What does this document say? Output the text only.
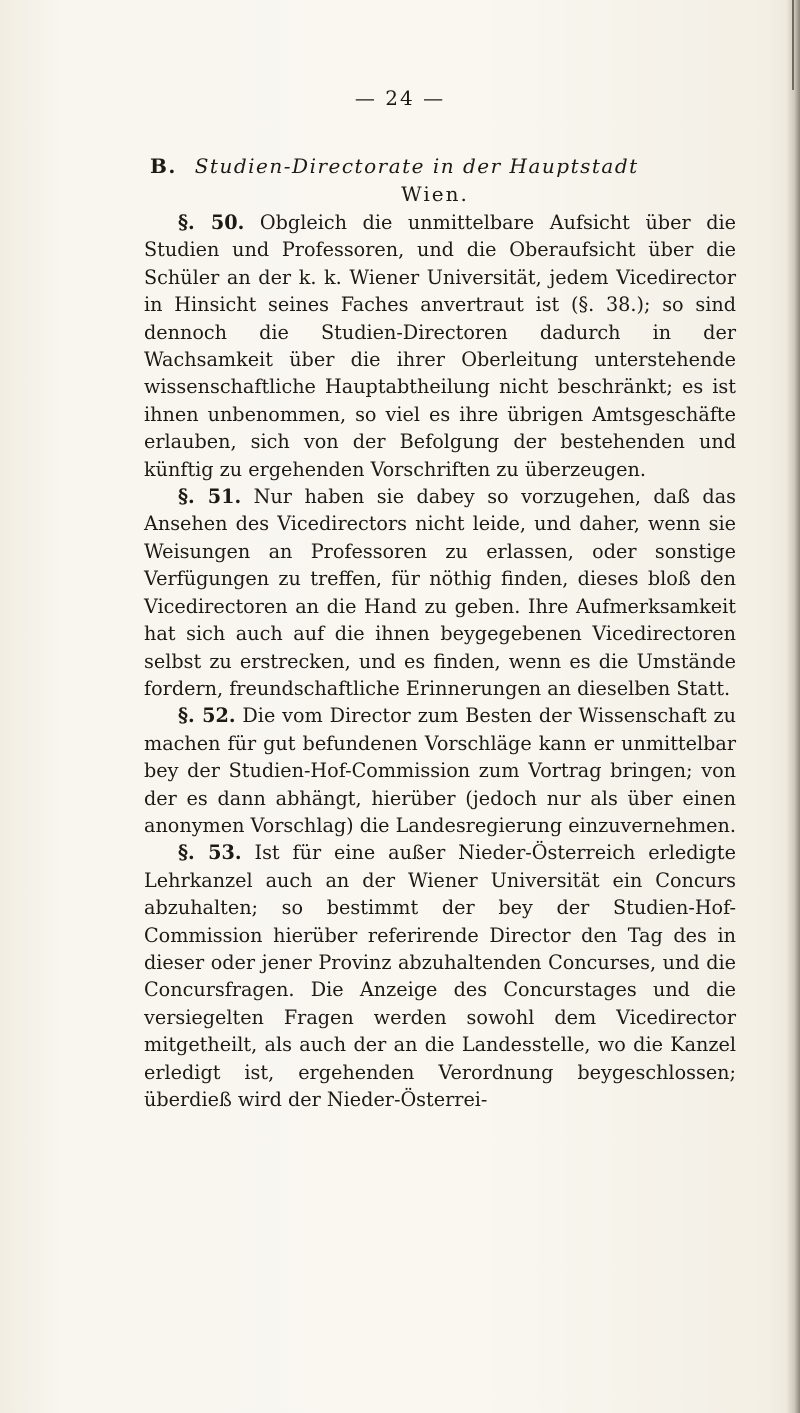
— 24 —
B. Studien-Directorate in der Hauptstadt
Wien.

§. 50. Obgleich die unmittelbare Aufsicht über die Studien und Professoren, und die Oberaufsicht über die Schüler an der k. k. Wiener Universität, jedem Vicedirector in Hinsicht seines Faches anvertraut ist (§. 38.); so sind dennoch die Studien-Directoren dadurch in der Wachsamkeit über die ihrer Oberleitung unterstehende wissenschaftliche Hauptabtheilung nicht beschränkt; es ist ihnen unbenommen, so viel es ihre übrigen Amtsgeschäfte erlauben, sich von der Befolgung der bestehenden und künftig zu ergehenden Vorschriften zu überzeugen.

§. 51. Nur haben sie dabey so vorzugehen, daß das Ansehen des Vicedirectors nicht leide, und daher, wenn sie Weisungen an Professoren zu erlassen, oder sonstige Verfügungen zu treffen, für nöthig finden, dieses bloß den Vicedirectoren an die Hand zu geben. Ihre Aufmerksamkeit hat sich auch auf die ihnen beygegebenen Vicedirectoren selbst zu erstrecken, und es finden, wenn es die Umstände fordern, freundschaftliche Erinnerungen an dieselben Statt.

§. 52. Die vom Director zum Besten der Wissenschaft zu machen für gut befundenen Vorschläge kann er unmittelbar bey der Studien-Hof-Commission zum Vortrag bringen; von der es dann abhängt, hierüber (jedoch nur als über einen anonymen Vorschlag) die Landesregierung einzuvernehmen.

§. 53. Ist für eine außer Nieder-Österreich erledigte Lehrkanzel auch an der Wiener Universität ein Concurs abzuhalten; so bestimmt der bey der Studien-Hof-Commission hierüber referirende Director den Tag des in dieser oder jener Provinz abzuhaltenden Concurses, und die Concursfragen. Die Anzeige des Concurstages und die versiegelten Fragen werden sowohl dem Vicedirector mitgetheilt, als auch der an die Landesstelle, wo die Kanzel erledigt ist, ergehenden Verordnung beygeschlossen; überdieß wird der Nieder-Österrei-
